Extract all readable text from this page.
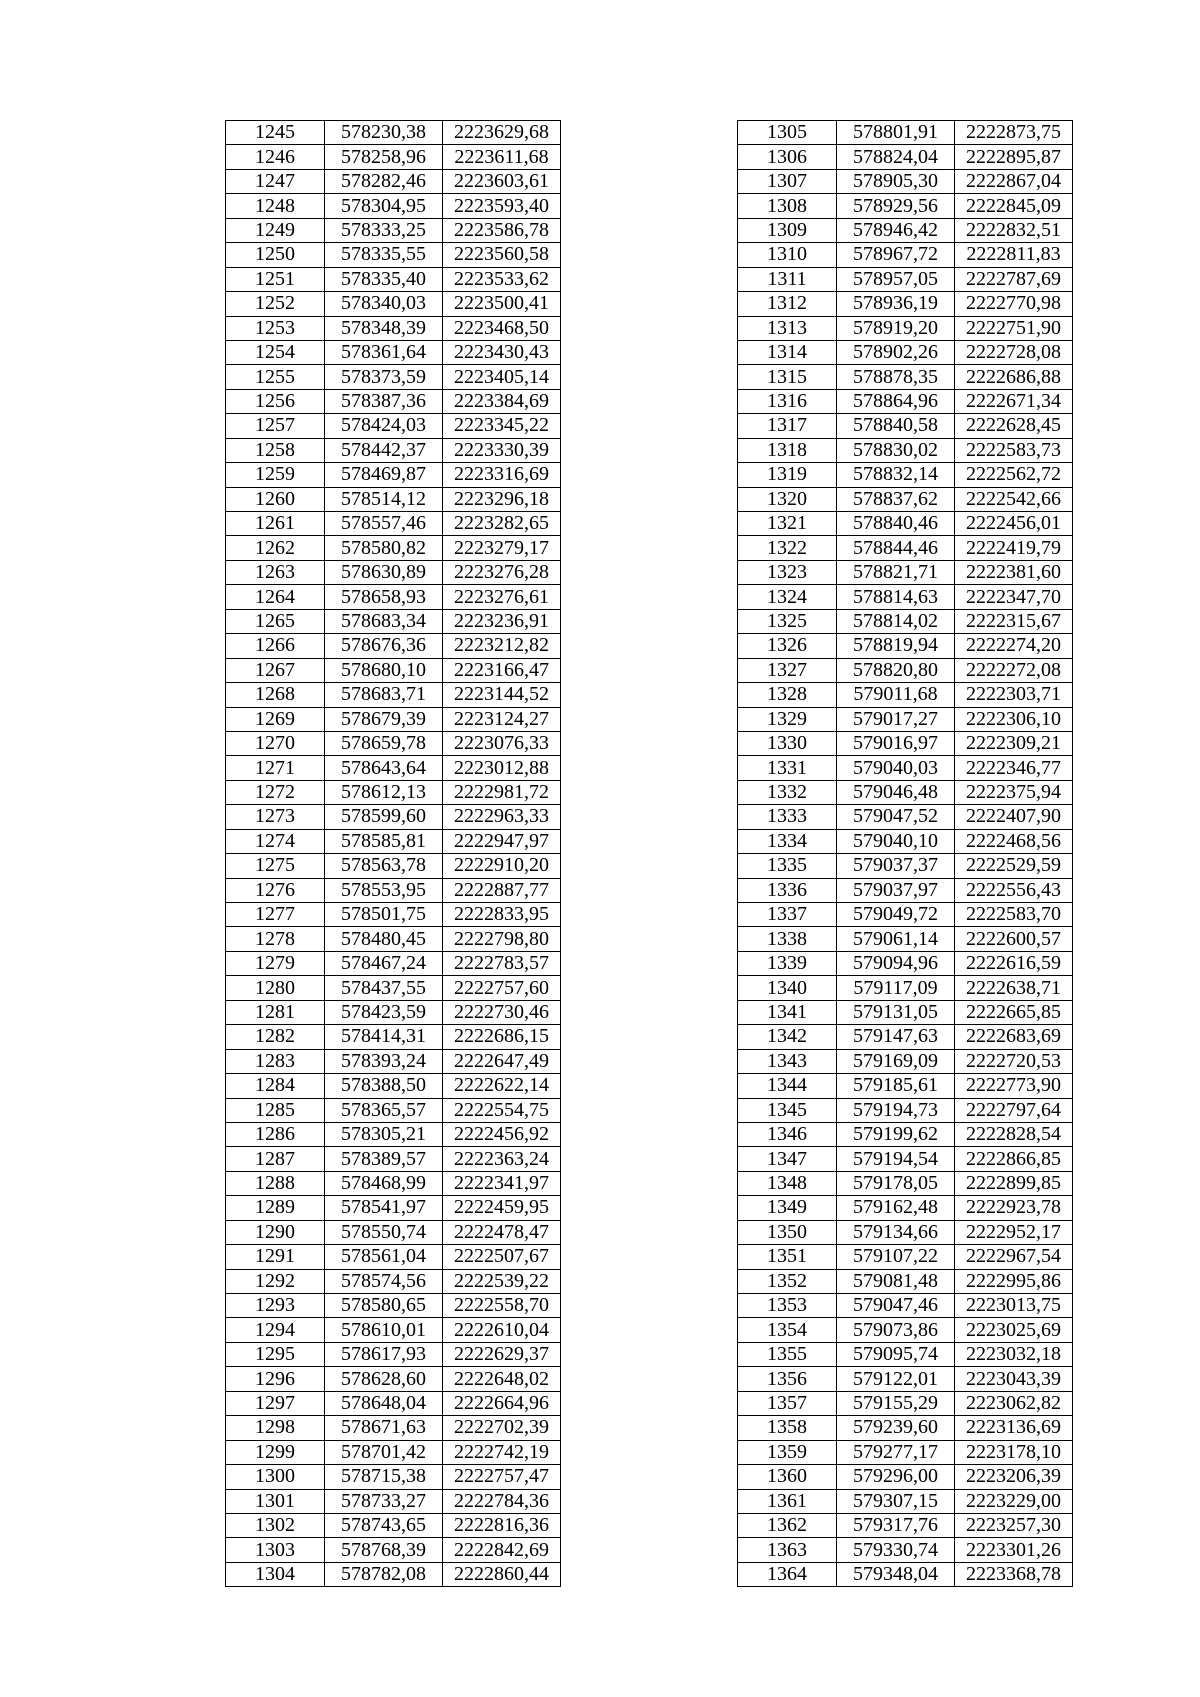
1245	578230,38	2223629,68
1246	578258,96	2223611,68
1247	578282,46	2223603,61
1248	578304,95	2223593,40
1249	578333,25	2223586,78
1250	578335,55	2223560,58
1251	578335,40	2223533,62
1252	578340,03	2223500,41
1253	578348,39	2223468,50
1254	578361,64	2223430,43
1255	578373,59	2223405,14
1256	578387,36	2223384,69
1257	578424,03	2223345,22
1258	578442,37	2223330,39
1259	578469,87	2223316,69
1260	578514,12	2223296,18
1261	578557,46	2223282,65
1262	578580,82	2223279,17
1263	578630,89	2223276,28
1264	578658,93	2223276,61
1265	578683,34	2223236,91
1266	578676,36	2223212,82
1267	578680,10	2223166,47
1268	578683,71	2223144,52
1269	578679,39	2223124,27
1270	578659,78	2223076,33
1271	578643,64	2223012,88
1272	578612,13	2222981,72
1273	578599,60	2222963,33
1274	578585,81	2222947,97
1275	578563,78	2222910,20
1276	578553,95	2222887,77
1277	578501,75	2222833,95
1278	578480,45	2222798,80
1279	578467,24	2222783,57
1280	578437,55	2222757,60
1281	578423,59	2222730,46
1282	578414,31	2222686,15
1283	578393,24	2222647,49
1284	578388,50	2222622,14
1285	578365,57	2222554,75
1286	578305,21	2222456,92
1287	578389,57	2222363,24
1288	578468,99	2222341,97
1289	578541,97	2222459,95
1290	578550,74	2222478,47
1291	578561,04	2222507,67
1292	578574,56	2222539,22
1293	578580,65	2222558,70
1294	578610,01	2222610,04
1295	578617,93	2222629,37
1296	578628,60	2222648,02
1297	578648,04	2222664,96
1298	578671,63	2222702,39
1299	578701,42	2222742,19
1300	578715,38	2222757,47
1301	578733,27	2222784,36
1302	578743,65	2222816,36
1303	578768,39	2222842,69
1304	578782,08	2222860,44
1305	578801,91	2222873,75
1306	578824,04	2222895,87
1307	578905,30	2222867,04
1308	578929,56	2222845,09
1309	578946,42	2222832,51
1310	578967,72	2222811,83
1311	578957,05	2222787,69
1312	578936,19	2222770,98
1313	578919,20	2222751,90
1314	578902,26	2222728,08
1315	578878,35	2222686,88
1316	578864,96	2222671,34
1317	578840,58	2222628,45
1318	578830,02	2222583,73
1319	578832,14	2222562,72
1320	578837,62	2222542,66
1321	578840,46	2222456,01
1322	578844,46	2222419,79
1323	578821,71	2222381,60
1324	578814,63	2222347,70
1325	578814,02	2222315,67
1326	578819,94	2222274,20
1327	578820,80	2222272,08
1328	579011,68	2222303,71
1329	579017,27	2222306,10
1330	579016,97	2222309,21
1331	579040,03	2222346,77
1332	579046,48	2222375,94
1333	579047,52	2222407,90
1334	579040,10	2222468,56
1335	579037,37	2222529,59
1336	579037,97	2222556,43
1337	579049,72	2222583,70
1338	579061,14	2222600,57
1339	579094,96	2222616,59
1340	579117,09	2222638,71
1341	579131,05	2222665,85
1342	579147,63	2222683,69
1343	579169,09	2222720,53
1344	579185,61	2222773,90
1345	579194,73	2222797,64
1346	579199,62	2222828,54
1347	579194,54	2222866,85
1348	579178,05	2222899,85
1349	579162,48	2222923,78
1350	579134,66	2222952,17
1351	579107,22	2222967,54
1352	579081,48	2222995,86
1353	579047,46	2223013,75
1354	579073,86	2223025,69
1355	579095,74	2223032,18
1356	579122,01	2223043,39
1357	579155,29	2223062,82
1358	579239,60	2223136,69
1359	579277,17	2223178,10
1360	579296,00	2223206,39
1361	579307,15	2223229,00
1362	579317,76	2223257,30
1363	579330,74	2223301,26
1364	579348,04	2223368,78
